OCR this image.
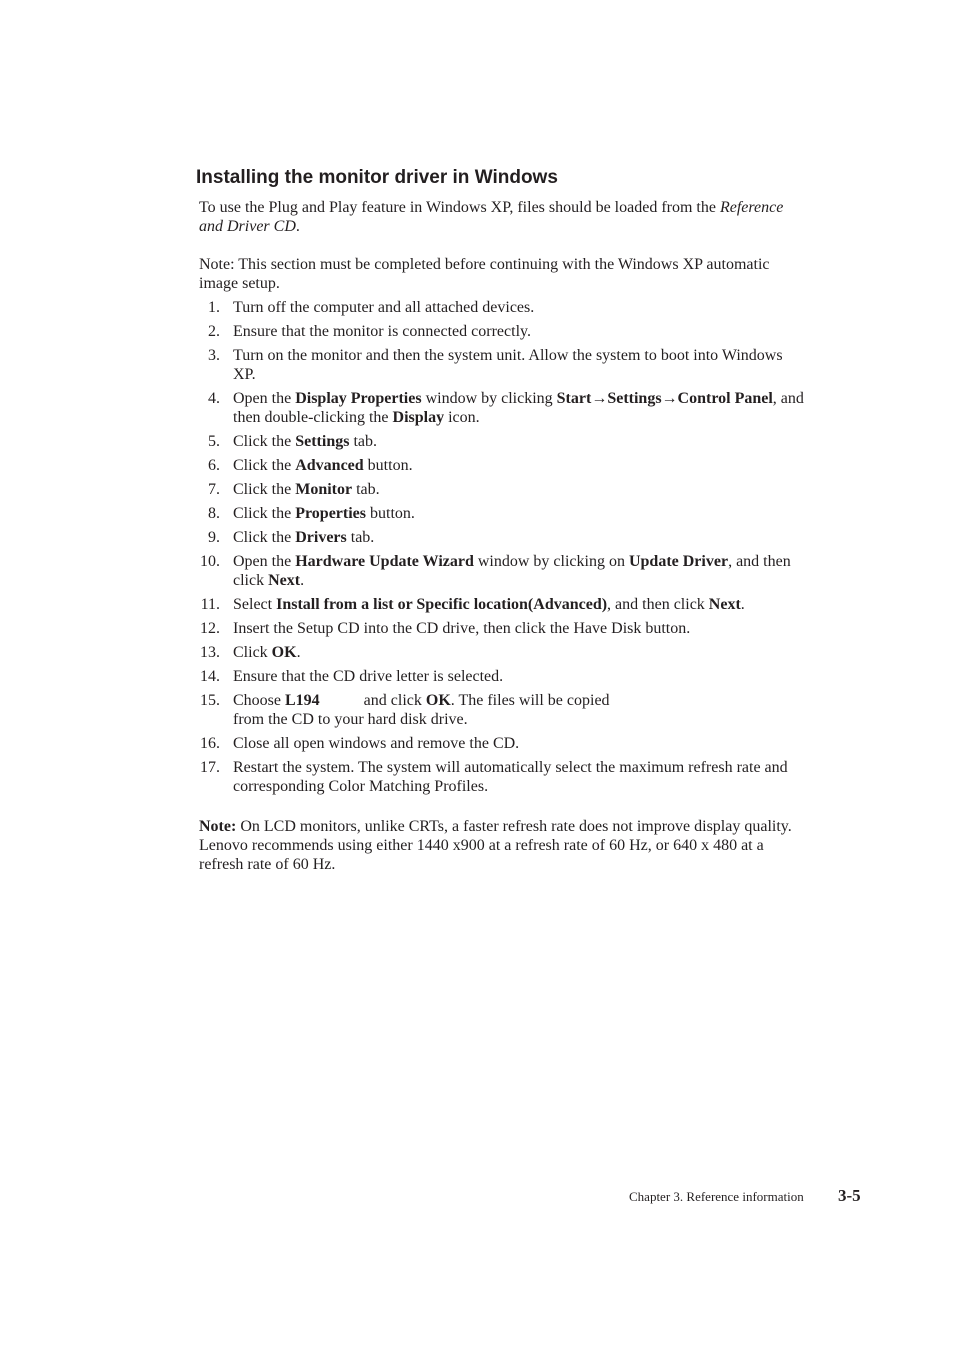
Installing the monitor driver in Windows

To use the Plug and Play feature in Windows XP, files should be loaded from the Reference and Driver CD.

Note: This section must be completed before continuing with the Windows XP automatic image setup.

1. Turn off the computer and all attached devices.
2. Ensure that the monitor is connected correctly.
3. Turn on the monitor and then the system unit. Allow the system to boot into Windows XP.
4. Open the Display Properties window by clicking Start→Settings→Control Panel, and then double-clicking the Display icon.
5. Click the Settings tab.
6. Click the Advanced button.
7. Click the Monitor tab.
8. Click the Properties button.
9. Click the Drivers tab.
10. Open the Hardware Update Wizard window by clicking on Update Driver, and then click Next.
11. Select Install from a list or Specific location(Advanced), and then click Next.
12. Insert the Setup CD into the CD drive, then click the Have Disk button.
13. Click OK.
14. Ensure that the CD drive letter is selected.
15. Choose L194	and click OK. The files will be copied
from the CD to your hard disk drive.
16. Close all open windows and remove the CD.
17. Restart the system. The system will automatically select the maximum refresh rate and corresponding Color Matching Profiles.

Note: On LCD monitors, unlike CRTs, a faster refresh rate does not improve display quality. Lenovo recommends using either 1440 x900 at a refresh rate of 60 Hz, or 640 x 480 at a refresh rate of 60 Hz.

Chapter 3. Reference information 3-5
